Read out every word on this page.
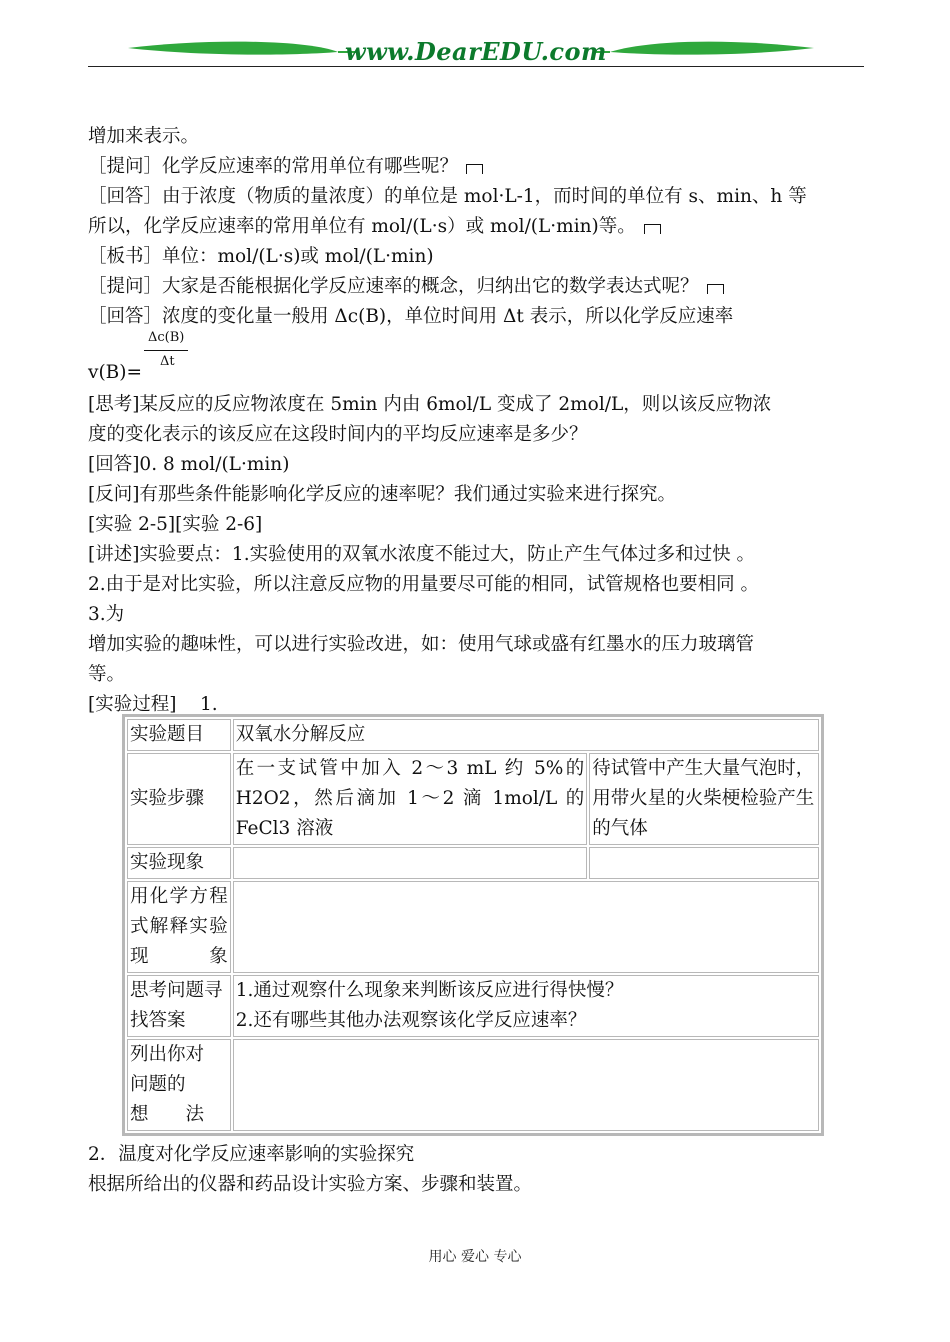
www.DearEDU.com
增加来表示。
［提问］化学反应速率的常用单位有哪些呢？
［回答］由于浓度（物质的量浓度）的单位是 mol·L-1，而时间的单位有 s、min、h 等
所以，化学反应速率的常用单位有 mol/(L·s）或 mol/(L·min)等。
［板书］单位：mol/(L·s)或 mol/(L·min)
［提问］大家是否能根据化学反应速率的概念，归纳出它的数学表达式呢？
［回答］浓度的变化量一般用 Δc(B)，单位时间用 Δt 表示，所以化学反应速率
Δc(B)
Δt
v(B)=
[思考]某反应的反应物浓度在 5min 内由 6mol/L 变成了 2mol/L，则以该反应物浓
度的变化表示的该反应在这段时间内的平均反应速率是多少？
[回答]0. 8 mol/(L·min)
[反问]有那些条件能影响化学反应的速率呢？我们通过实验来进行探究。
[实验 2-5][实验 2-6]
[讲述]实验要点：1.实验使用的双氧水浓度不能过大，防止产生气体过多和过快 。
2.由于是对比实验，所以注意反应物的用量要尽可能的相同，试管规格也要相同 。
3.为
增加实验的趣味性，可以进行实验改进，如：使用气球或盛有红墨水的压力玻璃管
等。
[实验过程]    1.
实验题目	双氧水分解反应	
实验步骤	在一支试管中加入 2～3 mL 约 5%的 H2O2，然后滴加 1～2 滴 1mol/L 的 FeCl3 溶液	待试管中产生大量气泡时，用带火星的火柴梗检验产生的气体
实验现象		
用化学方程式解释实验现象		
思考问题寻找答案	1.通过观察什么现象来判断该反应进行得快慢？
2.还有哪些其他办法观察该化学反应速率？	

列出你对
问题的
想　　法		

2．温度对化学反应速率影响的实验探究
根据所给出的仪器和药品设计实验方案、步骤和装置。
用心 爱心 专心
